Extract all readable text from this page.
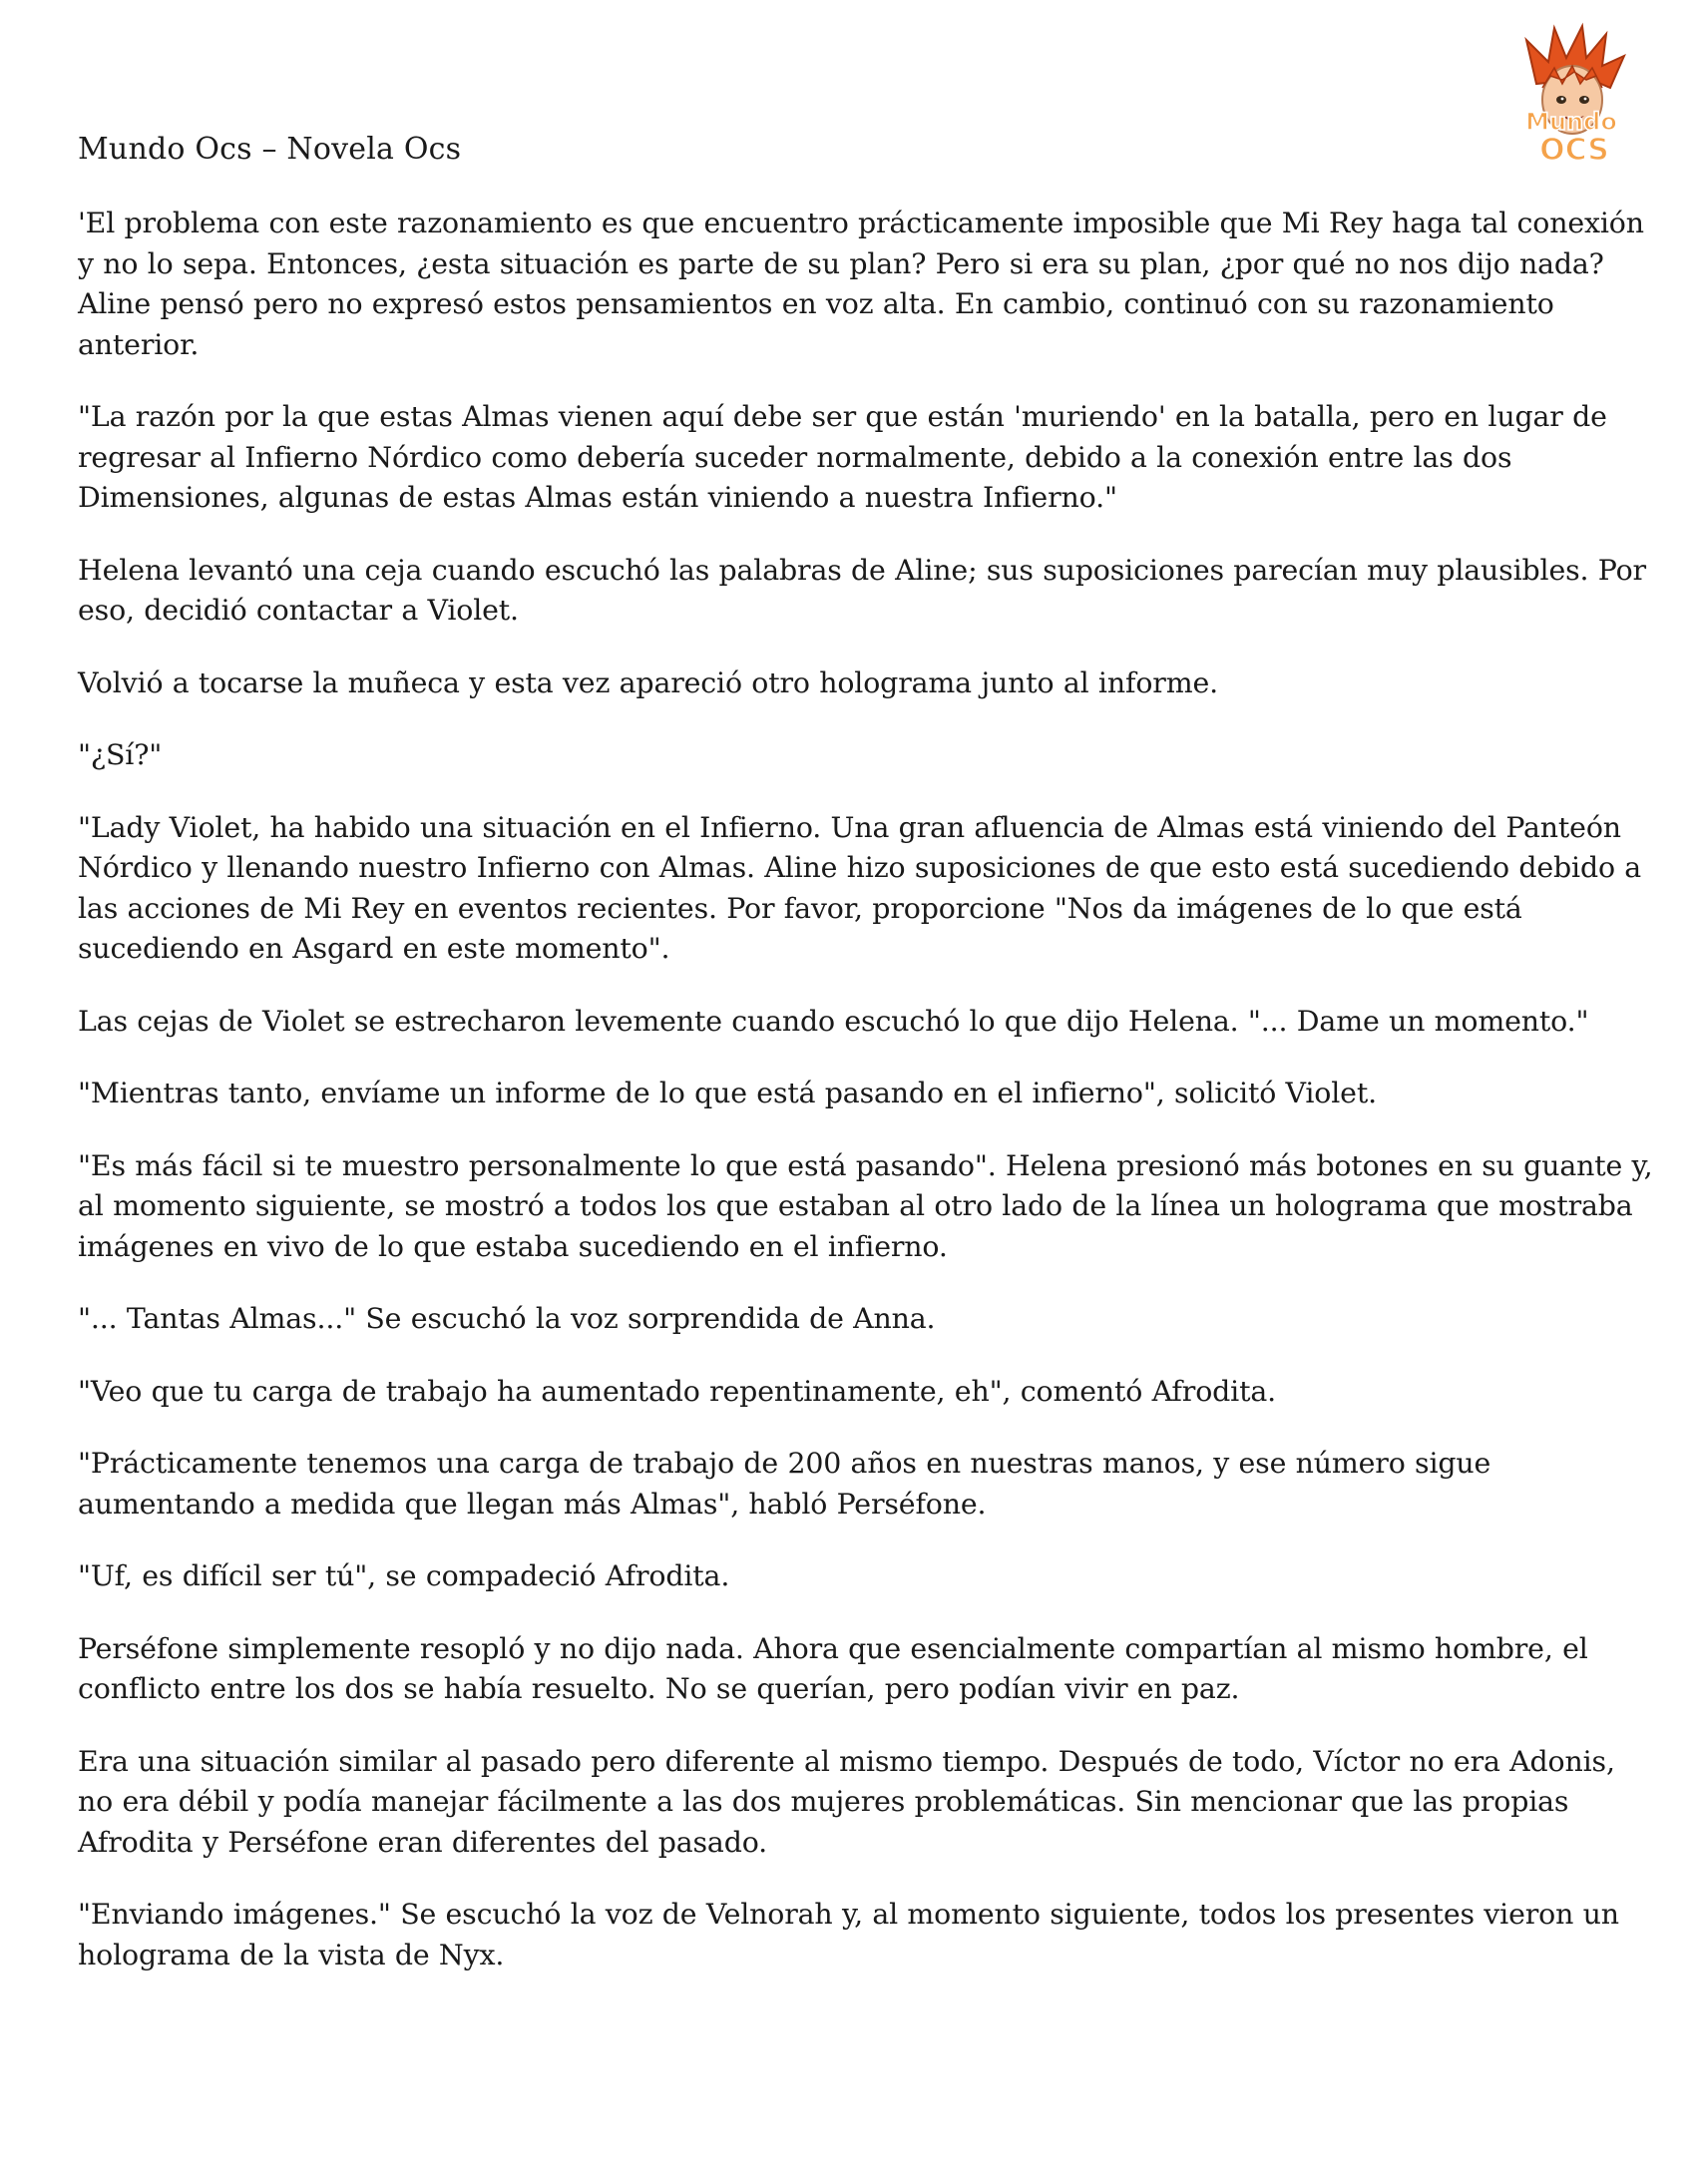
Mundo Ocs – Novela Ocs
Mundo
OCS

'El problema con este razonamiento es que encuentro prácticamente imposible que Mi Rey haga tal conexión y no lo sepa. Entonces, ¿esta situación es parte de su plan? Pero si era su plan, ¿por qué no nos dijo nada? Aline pensó pero no expresó estos pensamientos en voz alta. En cambio, continuó con su razonamiento anterior.

"La razón por la que estas Almas vienen aquí debe ser que están 'muriendo' en la batalla, pero en lugar de regresar al Infierno Nórdico como debería suceder normalmente, debido a la conexión entre las dos Dimensiones, algunas de estas Almas están viniendo a nuestra Infierno."

Helena levantó una ceja cuando escuchó las palabras de Aline; sus suposiciones parecían muy plausibles. Por eso, decidió contactar a Violet.

Volvió a tocarse la muñeca y esta vez apareció otro holograma junto al informe.

"¿Sí?"

"Lady Violet, ha habido una situación en el Infierno. Una gran afluencia de Almas está viniendo del Panteón Nórdico y llenando nuestro Infierno con Almas. Aline hizo suposiciones de que esto está sucediendo debido a las acciones de Mi Rey en eventos recientes. Por favor, proporcione "Nos da imágenes de lo que está sucediendo en Asgard en este momento".

Las cejas de Violet se estrecharon levemente cuando escuchó lo que dijo Helena. "... Dame un momento."

"Mientras tanto, envíame un informe de lo que está pasando en el infierno", solicitó Violet.

"Es más fácil si te muestro personalmente lo que está pasando". Helena presionó más botones en su guante y, al momento siguiente, se mostró a todos los que estaban al otro lado de la línea un holograma que mostraba imágenes en vivo de lo que estaba sucediendo en el infierno.

"... Tantas Almas..." Se escuchó la voz sorprendida de Anna.

"Veo que tu carga de trabajo ha aumentado repentinamente, eh", comentó Afrodita.

"Prácticamente tenemos una carga de trabajo de 200 años en nuestras manos, y ese número sigue aumentando a medida que llegan más Almas", habló Perséfone.

"Uf, es difícil ser tú", se compadeció Afrodita.

Perséfone simplemente resopló y no dijo nada. Ahora que esencialmente compartían al mismo hombre, el conflicto entre los dos se había resuelto. No se querían, pero podían vivir en paz.

Era una situación similar al pasado pero diferente al mismo tiempo. Después de todo, Víctor no era Adonis, no era débil y podía manejar fácilmente a las dos mujeres problemáticas. Sin mencionar que las propias Afrodita y Perséfone eran diferentes del pasado.

"Enviando imágenes." Se escuchó la voz de Velnorah y, al momento siguiente, todos los presentes vieron un holograma de la vista de Nyx.
